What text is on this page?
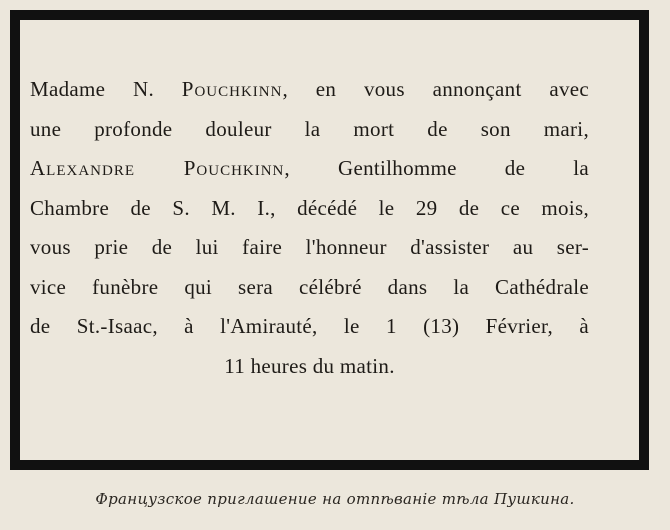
Madame N. Pouchkinn, en vous annonçant avec
une profonde douleur la mort de son mari,
Alexandre Pouchkinn, Gentilhomme de la
Chambre de S. M. I., décédé le 29 de ce mois,
vous prie de lui faire l'honneur d'assister au ser-
vice funèbre qui sera célébré dans la Cathédrale
de St.-Isaac, à l'Amirauté, le 1 (13) Février, à
11 heures du matin.
Французское приглашение на отпѣванiе тѣла Пушкина.
